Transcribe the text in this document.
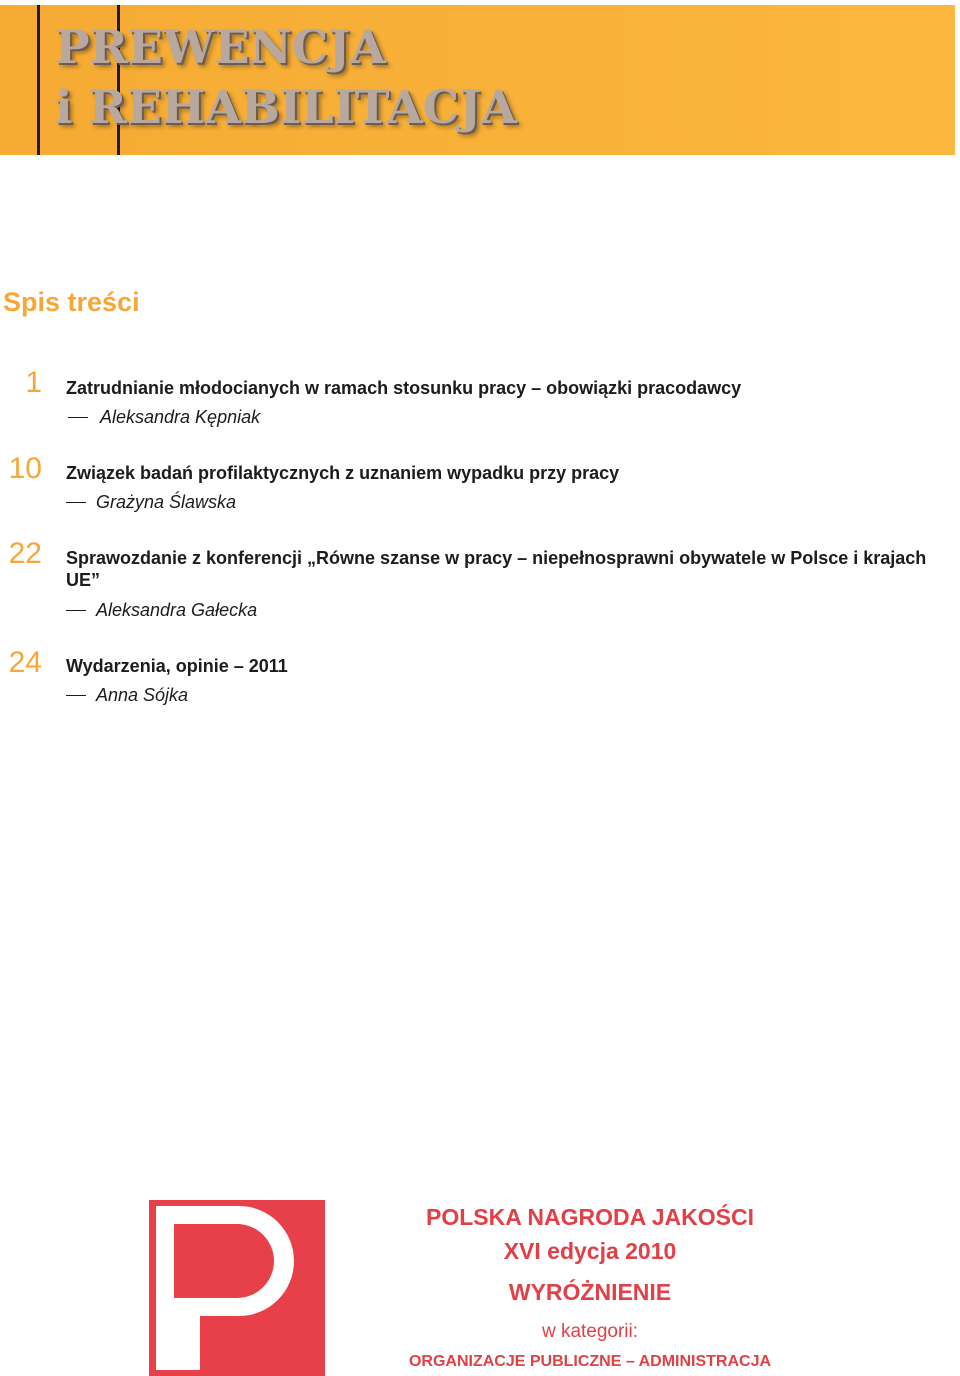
PREWENCJA
i REHABILITACJA
Spis treści
1 Zatrudnianie młodocianych w ramach stosunku pracy – obowiązki pracodawcy
Aleksandra Kępniak
10 Związek badań profilaktycznych z uznaniem wypadku przy pracy
Grażyna Ślawska
22 Sprawozdanie z konferencji „Równe szanse w pracy – niepełnosprawni obywatele w Polsce i krajach UE”
Aleksandra Gałecka
24 Wydarzenia, opinie – 2011
Anna Sójka
POLSKA NAGRODA JAKOŚCI
XVI edycja 2010
WYRÓŻNIENIE
w kategorii:
ORGANIZACJE PUBLICZNE – ADMINISTRACJA
